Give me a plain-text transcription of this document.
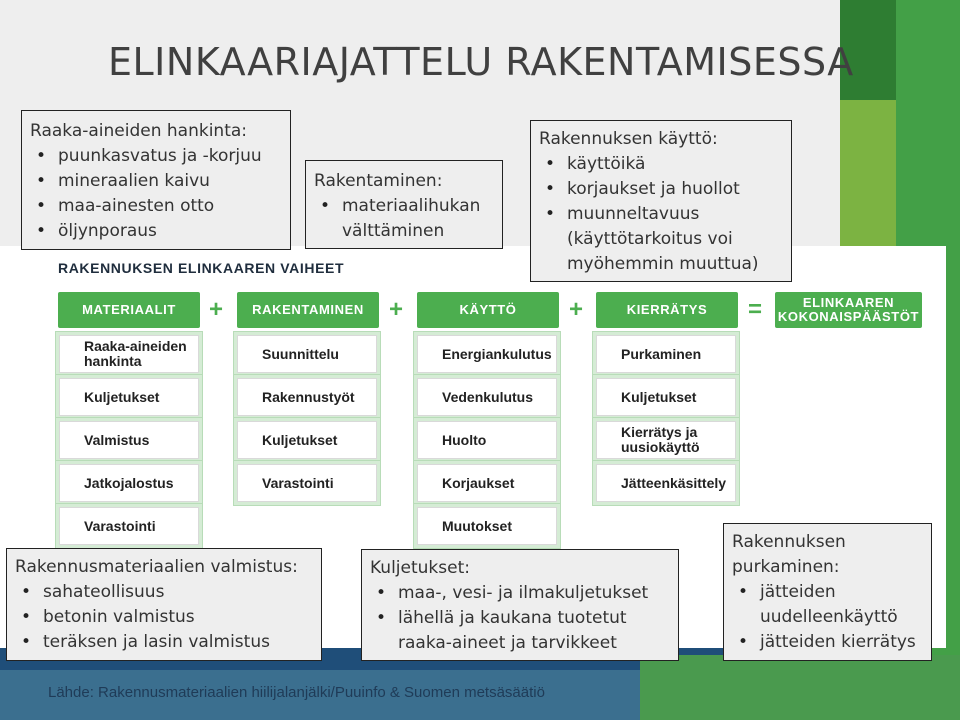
ELINKAARIAJATTELU RAKENTAMISESSA
Raaka-aineiden hankinta:
• puunkasvatus ja -korjuu
• mineraalien kaivu
• maa-ainesten otto
• öljynporaus
Rakentaminen:
• materiaalihukan
välttäminen
Rakennuksen käyttö:
• käyttöikä
• korjaukset ja huollot
• muunneltavuus
(käyttötarkoitus voi
myöhemmin muuttua)
RAKENNUKSEN ELINKAAREN VAIHEET
MATERIAALIT	+	RAKENTAMINEN	+	KÄYTTÖ	+	KIERRÄTYS	=	ELINKAAREN
KOKONAISPÄÄSTÖT
Raaka-aineiden hankinta
Kuljetukset
Valmistus
Jatkojalostus
Varastointi
Suunnittelu
Rakennustyöt
Kuljetukset
Varastointi
Energiankulutus
Vedenkulutus
Huolto
Korjaukset
Muutokset
Purkaminen
Kuljetukset
Kierrätys ja uusiokäyttö
Jätteenkäsittely
Rakennusmateriaalien valmistus:
• sahateollisuus
• betonin valmistus
• teräksen ja lasin valmistus
Kuljetukset:
• maa-, vesi- ja ilmakuljetukset
• lähellä ja kaukana tuotetut
raaka-aineet ja tarvikkeet
Rakennuksen
purkaminen:
• jätteiden
uudelleenkäyttö
• jätteiden kierrätys
Lähde: Rakennusmateriaalien hiilijalanjälki/Puuinfo & Suomen metsäsäätiö
